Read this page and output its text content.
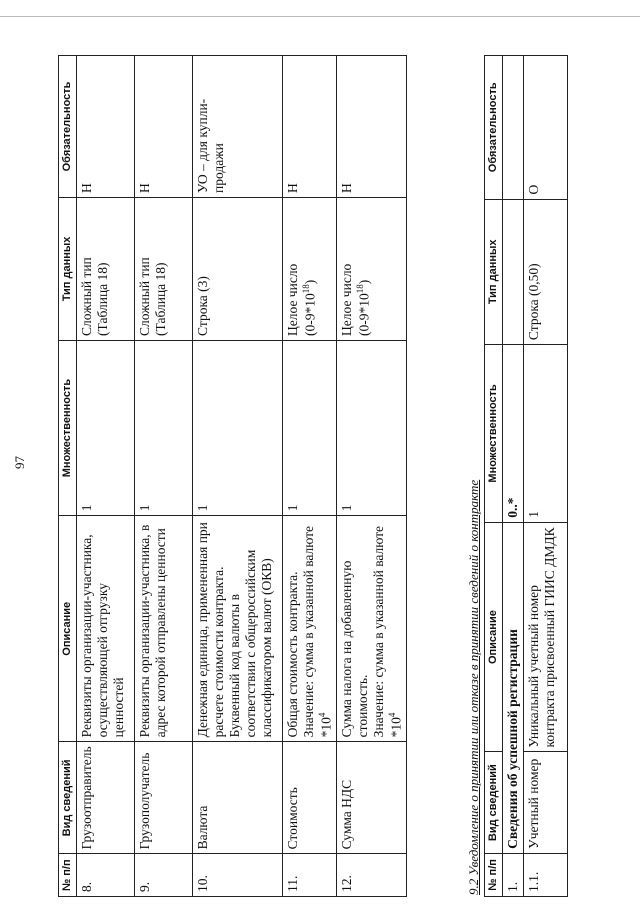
97
№ п/п	Вид сведений	Описание	Множественность	Тип данных	Обязательность
8.	Грузоотправитель	Реквизиты организации-участника, осуществляющей отгрузку ценностей	1	Сложный тип (Таблица 18)	Н
9.	Грузополучатель	Реквизиты организации-участника, в адрес которой отправлены ценности	1	Сложный тип (Таблица 18)	Н
10.	Валюта	Денежная единица, примененная при расчете стоимости контракта. Буквенный код валюты в соответствии с общероссийским классификатором валют (ОКВ)	1	Строка (3)	УО – для купли-продажи
11.	Стоимость	Общая стоимость контракта.
Значение: сумма в указанной валюте $*10^4$	1	Целое число $(0-9*10^{18})$	Н
12.	Сумма НДС	Сумма налога на добавленную стоимость.
Значение: сумма в указанной валюте $*10^4$	1	Целое число $(0-9*10^{18})$	Н
9.2 Уведомление о принятии или отказе в принятии сведений о контракте № п/п	Вид сведений	Описание	Множественность	Тип данных	Обязательность
1.	Сведения об успешной регистрации		0..*		
1.1.	Учетный номер	Уникальный учетный номер контракта присвоенный ГИИС ДМДК	1	Строка (0,50)	О
